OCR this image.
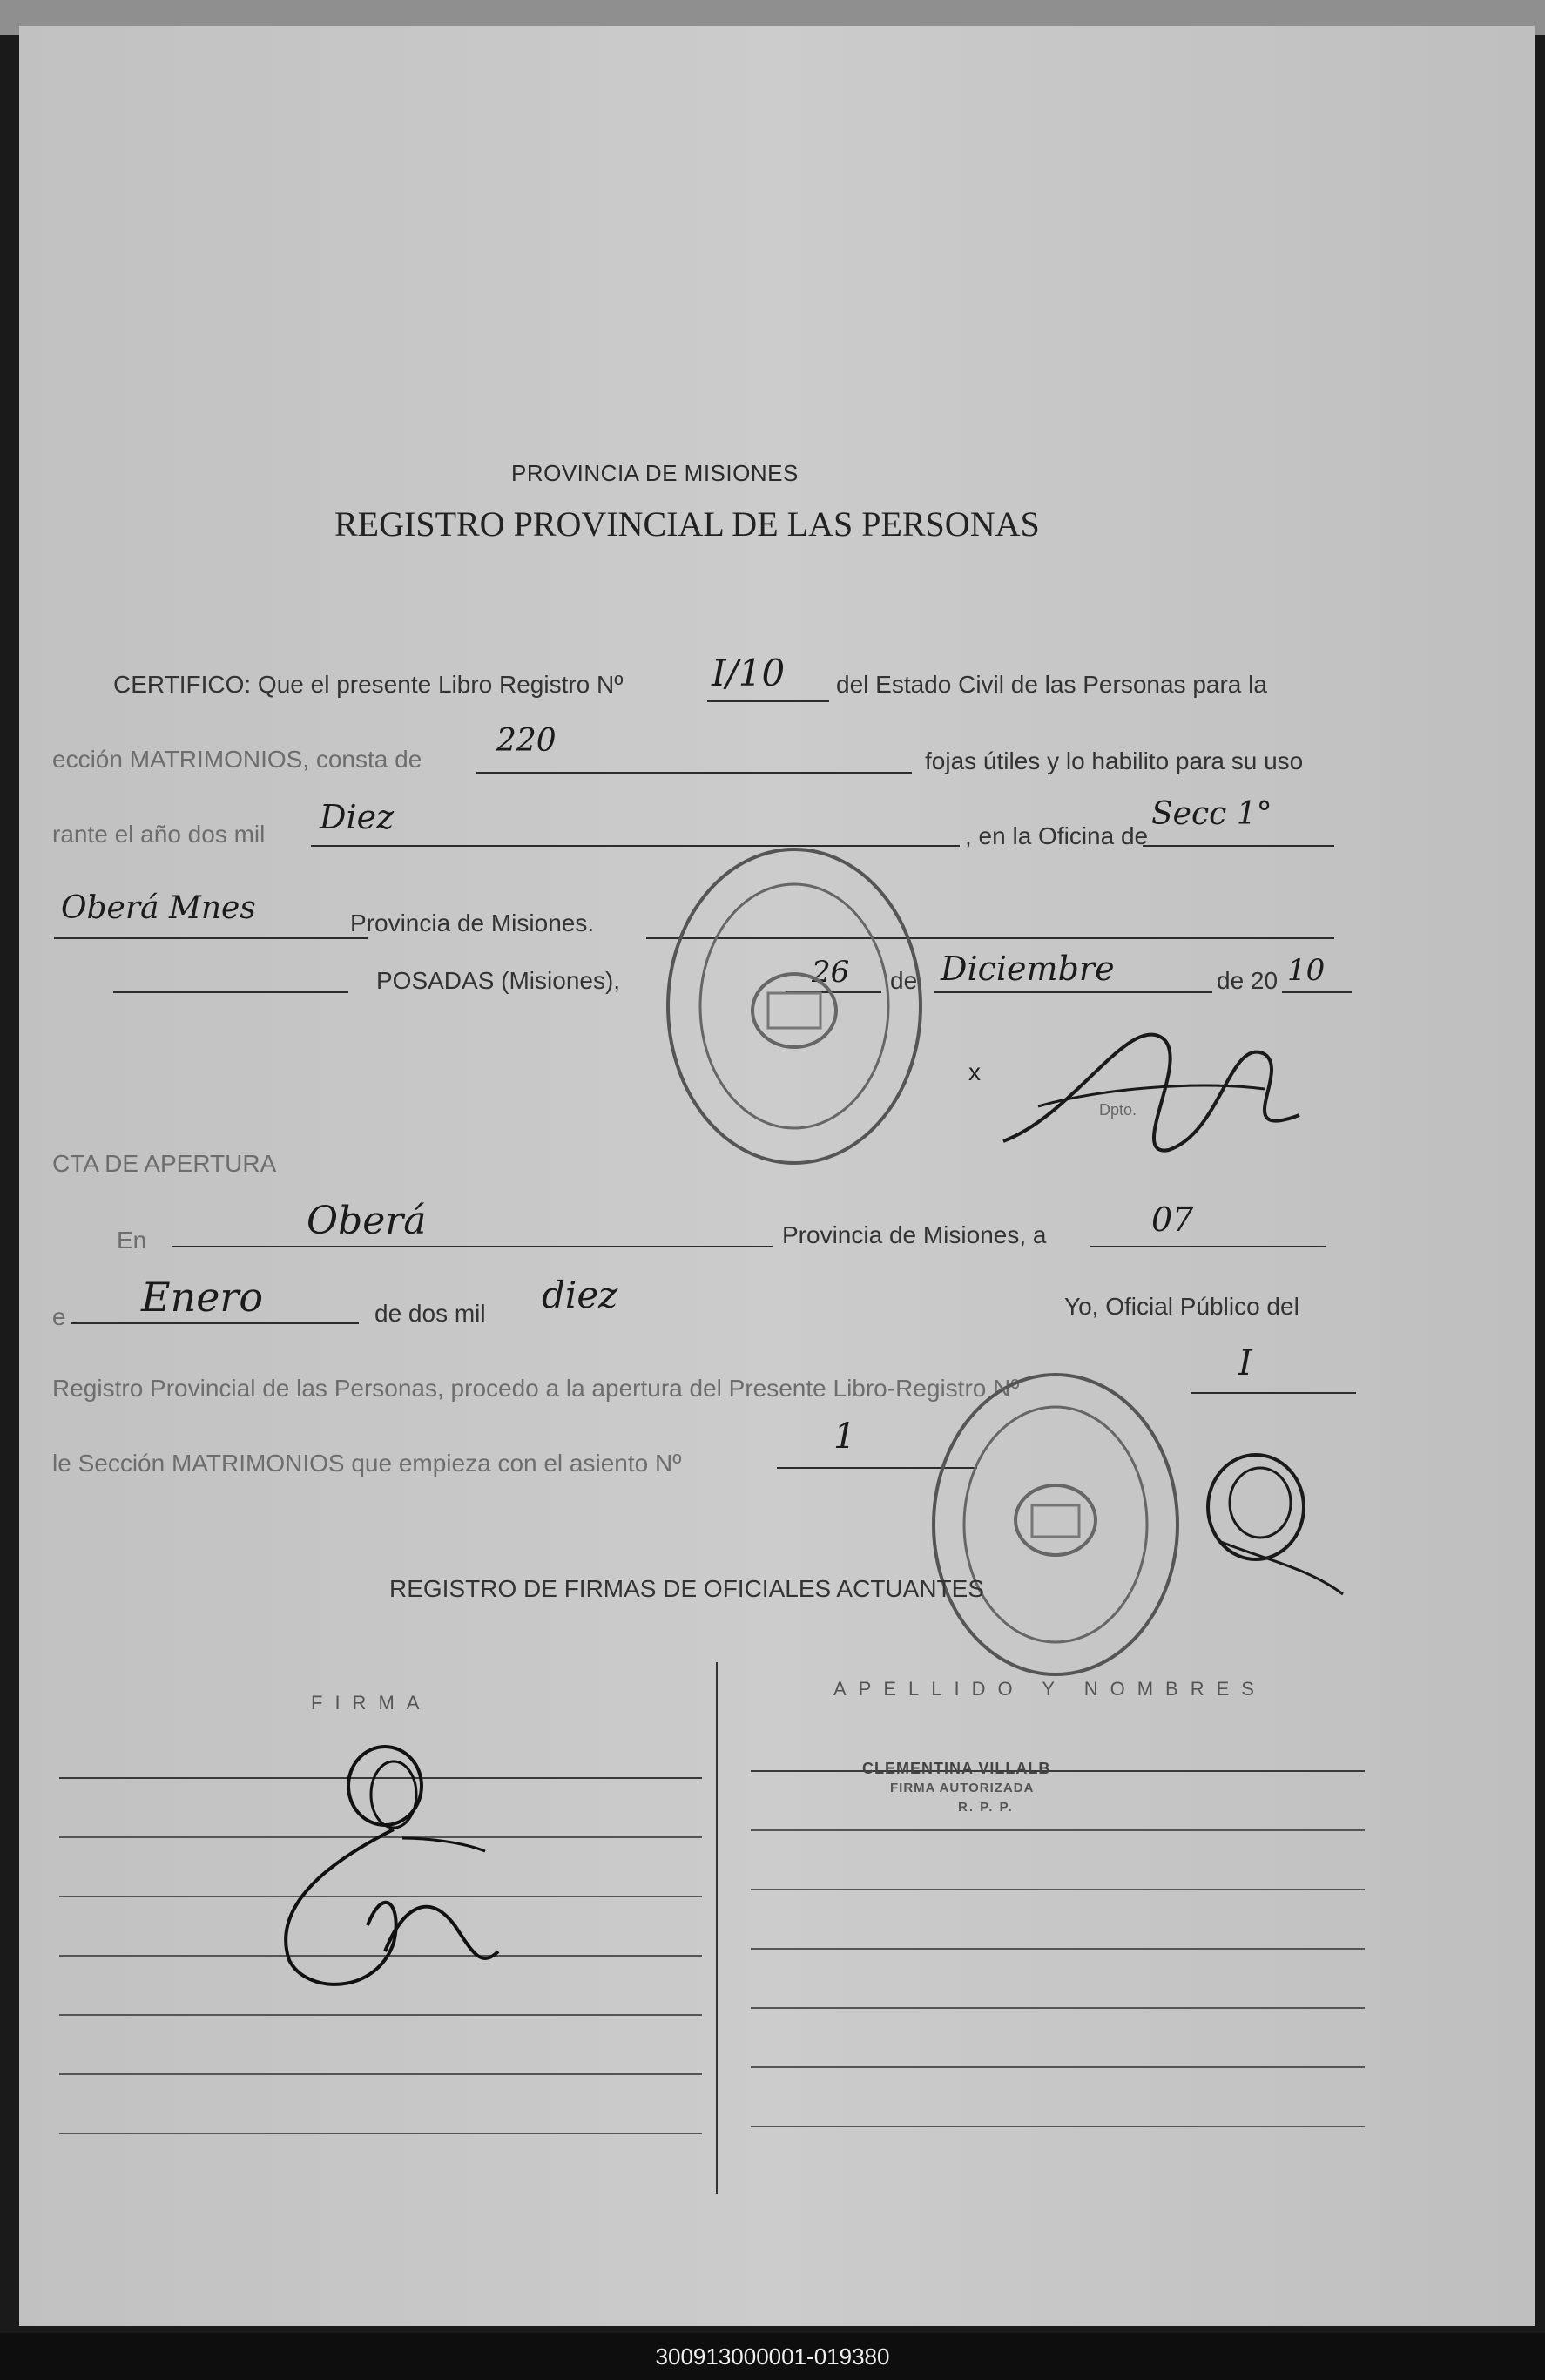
PROVINCIA DE MISIONES
REGISTRO PROVINCIAL DE LAS PERSONAS
CERTIFICO: Que el presente Libro Registro Nº I/10 del Estado Civil de las Personas para la
ección MATRIMONIOS, consta de
220
fojas útiles y lo habilito para su uso
rante el año dos mil Diez	, en la Oficina de
Secc 1°
Oberá Mnes	Provincia de Misiones.
POSADAS (Misiones),	26 de Diciembre	de 20 10
Dpto.
x
CTA DE APERTURA
En	Oberá	Provincia de Misiones, a	07
e Enero	de dos mil diez	Yo, Oficial Público del
Registro Provincial de las Personas, procedo a la apertura del Presente Libro-Registro Nº
I
le Sección MATRIMONIOS que empieza con el asiento Nº
1
REGISTRO DE FIRMAS DE OFICIALES ACTUANTES
FIRMA
APELLIDO Y NOMBRES
CLEMENTINA VILLALB
FIRMA AUTORIZADA
R. P. P.
300913000001-019380
